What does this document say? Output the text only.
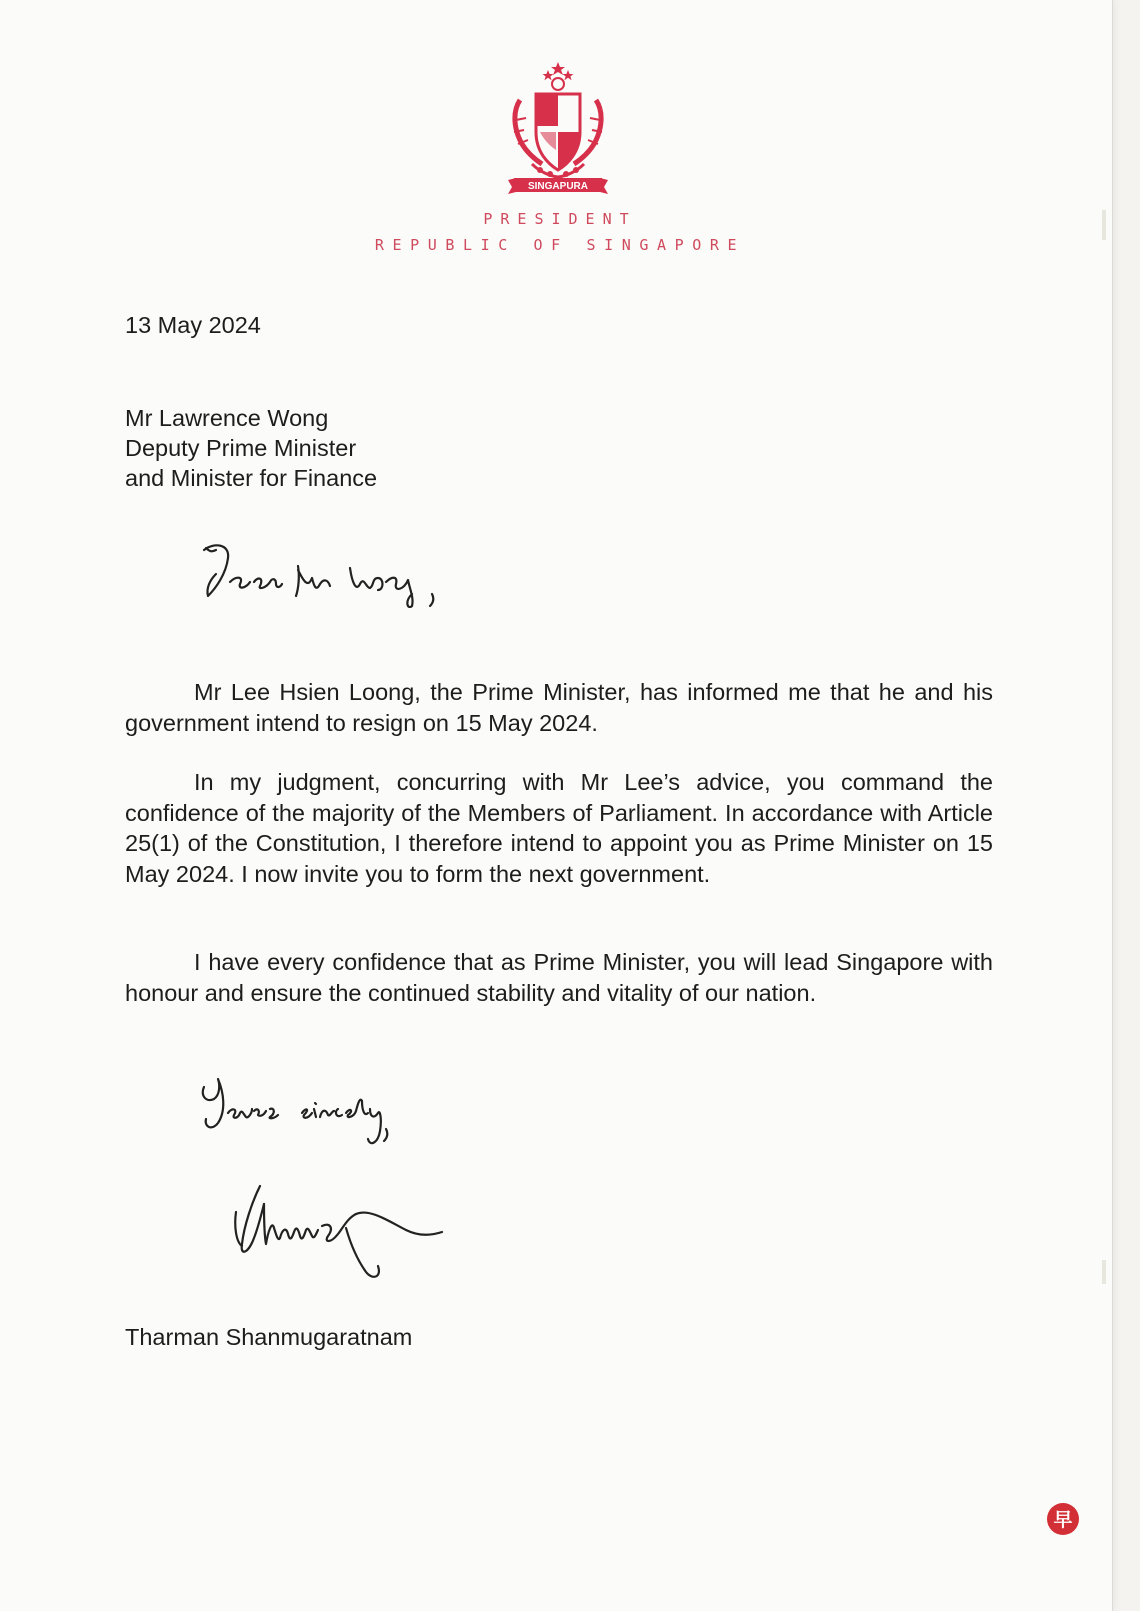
SINGAPURA
PRESIDENT
REPUBLIC OF SINGAPORE
13 May 2024
Mr Lawrence Wong
Deputy Prime Minister
and Minister for Finance

Mr Lee Hsien Loong, the Prime Minister, has informed me that he and his government intend to resign on 15 May 2024.

In my judgment, concurring with Mr Lee’s advice, you command the confidence of the majority of the Members of Parliament. In accordance with Article 25(1) of the Constitution, I therefore intend to appoint you as Prime Minister on 15 May 2024. I now invite you to form the next government.

I have every confidence that as Prime Minister, you will lead Singapore with honour and ensure the continued stability and vitality of our nation.

Tharman Shanmugaratnam
早
